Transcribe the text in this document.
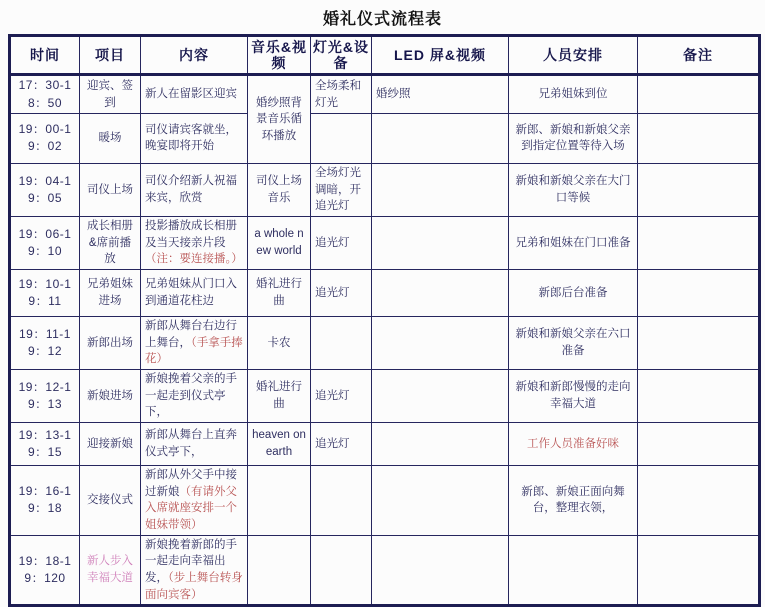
婚礼仪式流程表
时间	项目	内容	音乐&视频	灯光&设备	LED 屏&视频	人员安排	备注
17：30-18：50	迎宾、签到	新人在留影区迎宾	婚纱照背景音乐循环播放	全场柔和灯光	婚纱照	兄弟姐妹到位	
19：00-19：02	暖场	司仪请宾客就坐，晚宴即将开始				新郎、新娘和新娘父亲到指定位置等待入场	
19：04-19：05	司仪上场	司仪介绍新人祝福来宾，欣赏	司仪上场音乐	全场灯光调暗，开追光灯		新娘和新娘父亲在大门口等候	
19：06-19：10	成长相册&席前播放	投影播放成长相册及当天接亲片段（注：要连接播。）	a whole new world	追光灯		兄弟和姐妹在门口准备	
19：10-19：11	兄弟姐妹进场	兄弟姐妹从门口入到通道花柱边	婚礼进行曲	追光灯		新郎后台准备	
19：11-19：12	新郎出场	新郎从舞台右边行上舞台，（手拿手捧花）	卡农			新娘和新娘父亲在六口准备	
19：12-19：13	新娘进场	新娘挽着父亲的手一起走到仪式亭下，	婚礼进行曲	追光灯		新娘和新郎慢慢的走向幸福大道	
19：13-19：15	迎接新娘	新郎从舞台上直奔仪式亭下，	heaven on earth	追光灯		工作人员准备好咪	
19：16-19：18	交接仪式	新郎从外父手中接过新娘（有请外父入席就座安排一个姐妹带领）				新郎、新娘正面向舞台，整理衣领，	
19：18-19：120	新人步入幸福大道	新娘挽着新郎的手一起走向幸福出发，（步上舞台转身面向宾客）					
